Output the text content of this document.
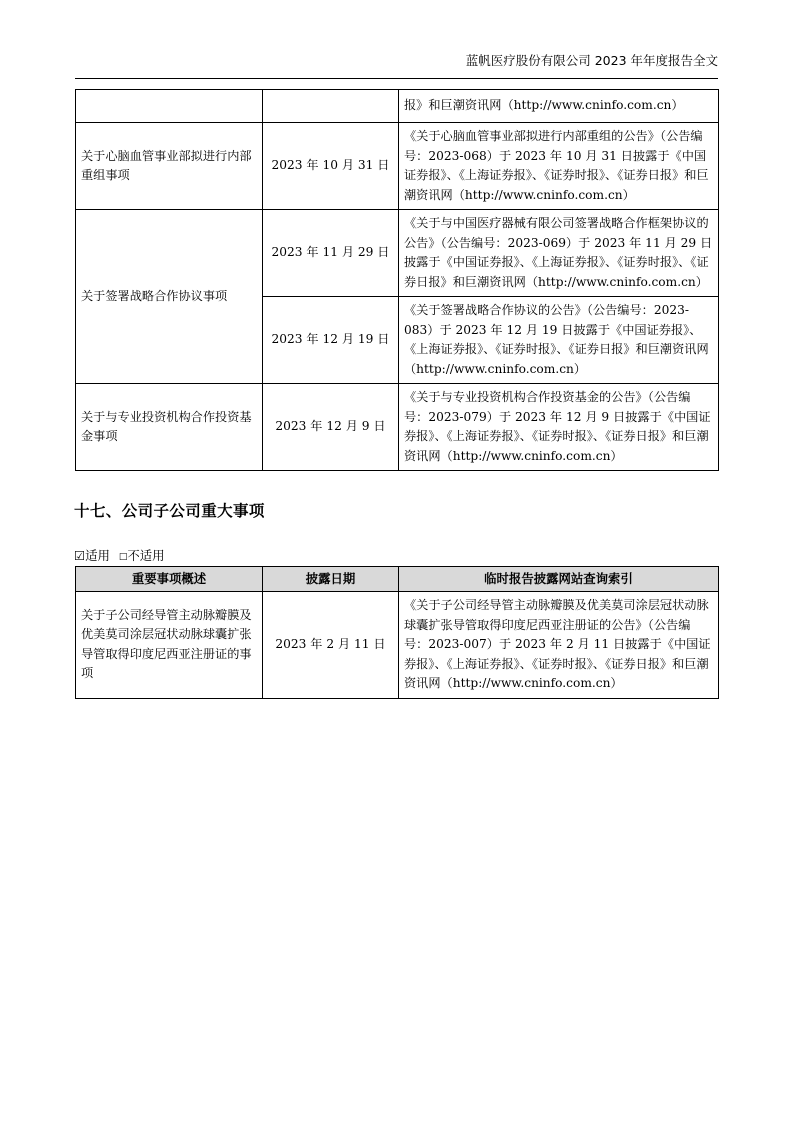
蓝帆医疗股份有限公司 2023 年年度报告全文
		报》和巨潮资讯网（http://www.cninfo.com.cn）
关于心脑血管事业部拟进行内部重组事项	2023 年 10 月 31 日	《关于心脑血管事业部拟进行内部重组的公告》（公告编号：2023-068）于 2023 年 10 月 31 日披露于《中国证券报》、《上海证券报》、《证券时报》、《证券日报》和巨潮资讯网（http://www.cninfo.com.cn）
关于签署战略合作协议事项	2023 年 11 月 29 日	《关于与中国医疗器械有限公司签署战略合作框架协议的公告》（公告编号：2023-069）于 2023 年 11 月 29 日披露于《中国证券报》、《上海证券报》、《证券时报》、《证券日报》和巨潮资讯网（http://www.cninfo.com.cn）
	2023 年 12 月 19 日	《关于签署战略合作协议的公告》（公告编号：2023-083）于 2023 年 12 月 19 日披露于《中国证券报》、《上海证券报》、《证券时报》、《证券日报》和巨潮资讯网（http://www.cninfo.com.cn）
关于与专业投资机构合作投资基金事项	2023 年 12 月 9 日	《关于与专业投资机构合作投资基金的公告》（公告编号：2023-079）于 2023 年 12 月 9 日披露于《中国证券报》、《上海证券报》、《证券时报》、《证券日报》和巨潮资讯网（http://www.cninfo.com.cn）
十七、公司子公司重大事项
☑适用 □不适用
重要事项概述	披露日期	临时报告披露网站查询索引
关于子公司经导管主动脉瓣膜及优美莫司涂层冠状动脉球囊扩张导管取得印度尼西亚注册证的事项	2023 年 2 月 11 日	《关于子公司经导管主动脉瓣膜及优美莫司涂层冠状动脉球囊扩张导管取得印度尼西亚注册证的公告》（公告编号：2023-007）于 2023 年 2 月 11 日披露于《中国证券报》、《上海证券报》、《证券时报》、《证券日报》和巨潮资讯网（http://www.cninfo.com.cn）
